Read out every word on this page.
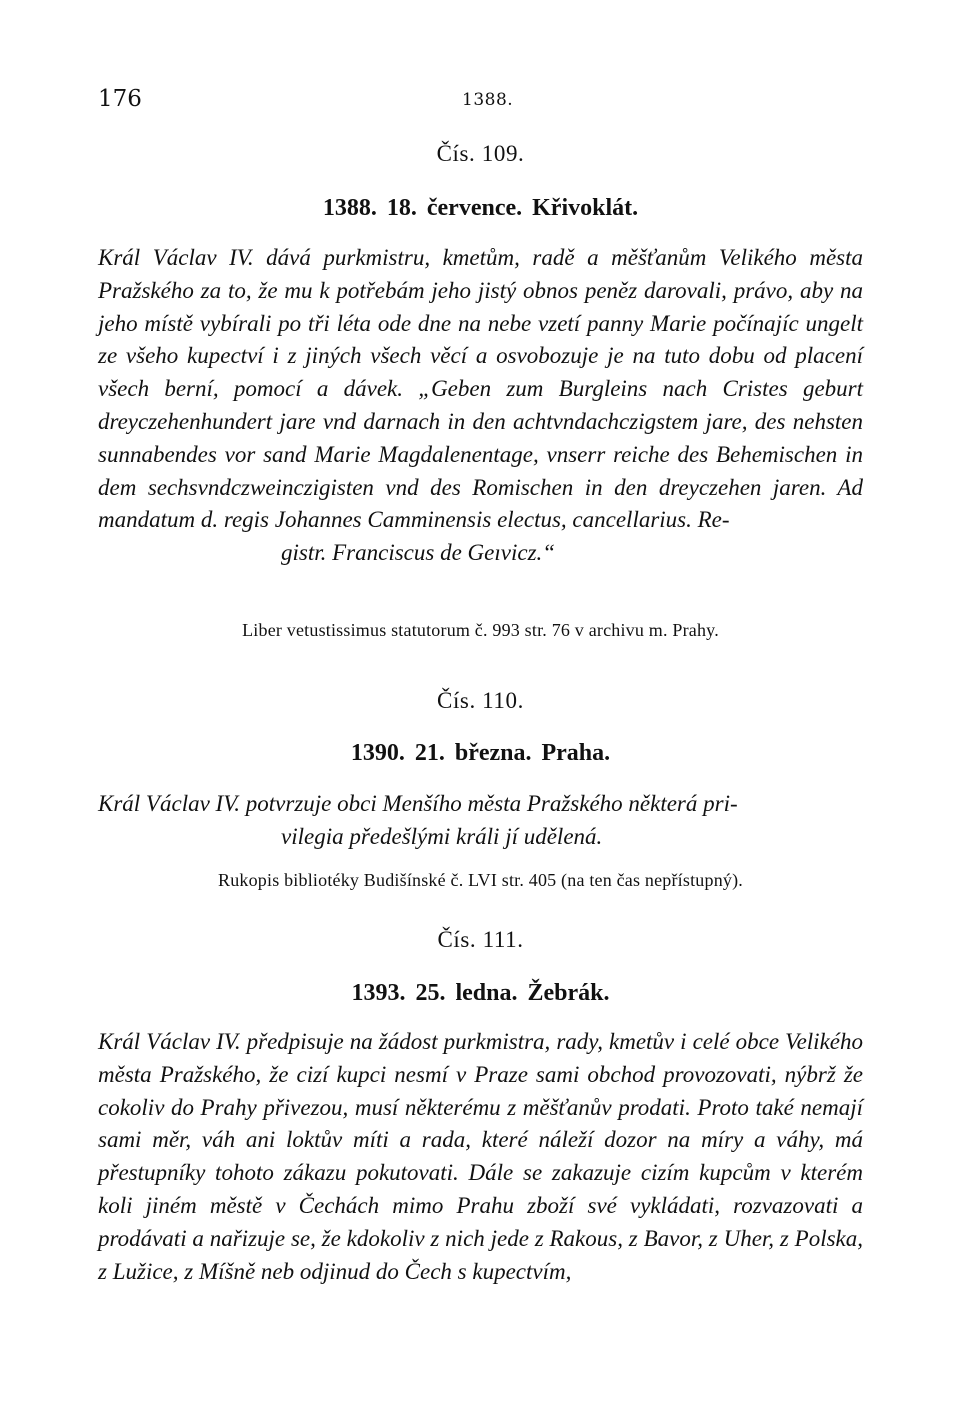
176	1388.
Čís. 109.
1388. 18. července. Křivoklát.

Král Václav IV. dává purkmistru, kmetům, radě a měšťanům Velikého města Pražského za to, že mu k potřebám jeho jistý obnos peněz darovali, právo, aby na jeho místě vybírali po tři léta ode dne na nebe vzetí panny Marie počínajíc ungelt ze všeho kupectví i z jiných všech věcí a osvobozuje je na tuto dobu od placení všech berní, pomocí a dávek. „Geben zum Burgleins nach Cristes geburt dreyczehenhundert jare vnd darnach in den achtvndachczigstem jare, des nehsten sunnabendes vor sand Marie Magdalenentage, vnserr reiche des Behemischen in dem sechsvndczweinczigisten vnd des Romischen in den dreyczehen jaren. Ad mandatum d. regis Johannes Camminensis electus, cancellarius. Re-
gistr. Franciscus de Geıvicz.“

Liber vetustissimus statutorum č. 993 str. 76 v archivu m. Prahy.

Čís. 110.
1390. 21. března. Praha.

Král Václav IV. potvrzuje obci Menšího města Pražského některá pri-
vilegia předešlými králi jí udělená.

Rukopis bibliotéky Budišínské č. LVI str. 405 (na ten čas nepřístupný).

Čís. 111.
1393. 25. ledna. Žebrák.

Král Václav IV. předpisuje na žádost purkmistra, rady, kmetův i celé obce Velikého města Pražského, že cizí kupci nesmí v Praze sami obchod provozovati, nýbrž že cokoliv do Prahy přivezou, musí některému z měšťanův prodati. Proto také nemají sami měr, váh ani loktův míti a rada, které náleží dozor na míry a váhy, má přestupníky tohoto zákazu pokutovati. Dále se zakazuje cizím kupcům v kterém koli jiném městě v Čechách mimo Prahu zboží své vykládati, rozvazovati a prodávati a nařizuje se, že kdokoliv z nich jede z Rakous, z Bavor, z Uher, z Polska, z Lužice, z Míšně neb odjinud do Čech s kupectvím,
